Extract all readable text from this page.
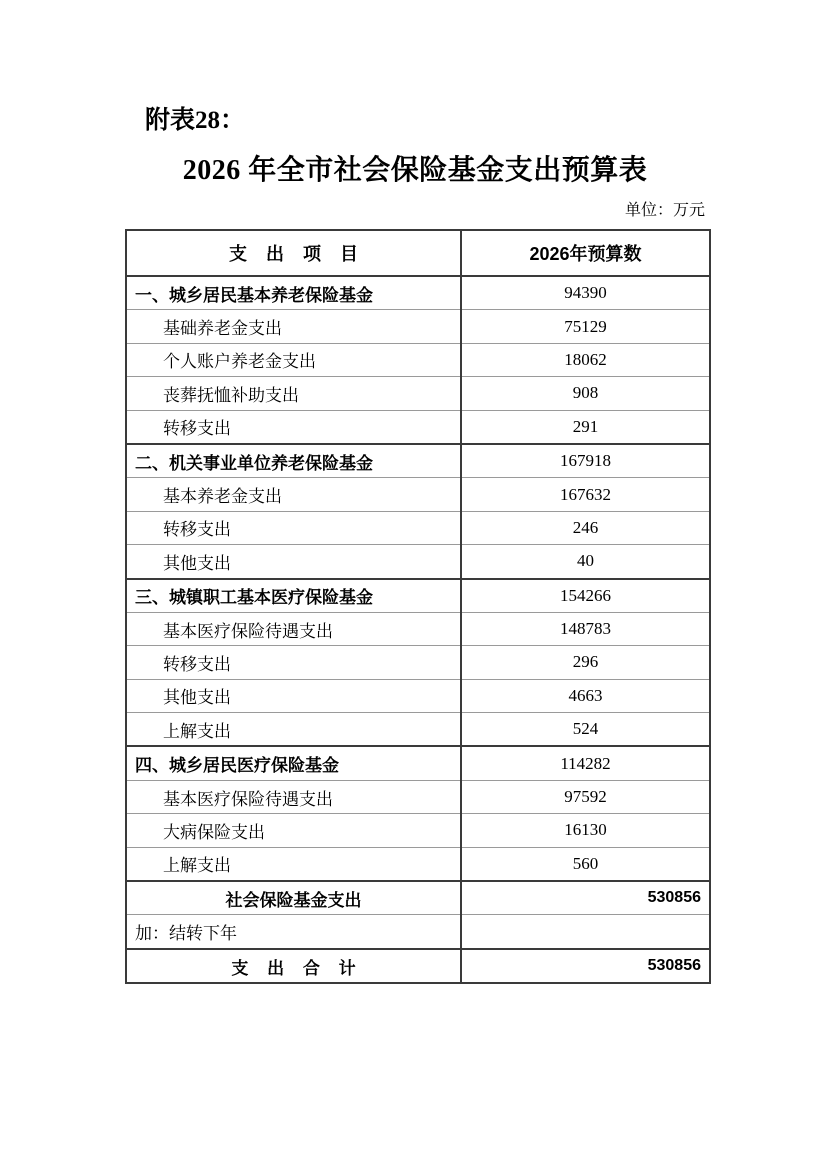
附表28：
2026 年全市社会保险基金支出预算表
单位：万元
支 出 项 目	2026年预算数
一、城乡居民基本养老保险基金	94390
基础养老金支出	75129
个人账户养老金支出	18062
丧葬抚恤补助支出	908
转移支出	291
二、机关事业单位养老保险基金	167918
基本养老金支出	167632
转移支出	246
其他支出	40
三、城镇职工基本医疗保险基金	154266
基本医疗保险待遇支出	148783
转移支出	296
其他支出	4663
上解支出	524
四、城乡居民医疗保险基金	114282
基本医疗保险待遇支出	97592
大病保险支出	16130
上解支出	560
社会保险基金支出	530856
加：结转下年	
支 出 合 计	530856
